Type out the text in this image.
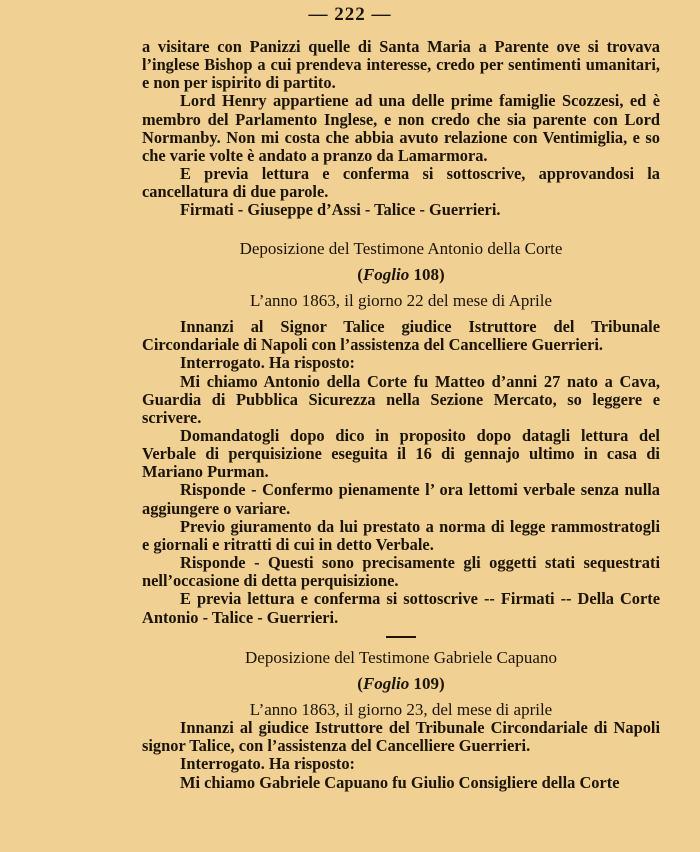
— 222 —

a visitare con Panizzi quelle di Santa Maria a Parente ove si trovava l’inglese Bishop a cui prendeva interesse, credo per sentimenti umanitari, e non per ispirito di partito.

Lord Henry appartiene ad una delle prime famiglie Scozzesi, ed è membro del Parlamento Inglese, e non credo che sia parente con Lord Normanby. Non mi costa che abbia avuto relazione con Ventimiglia, e so che varie volte è andato a pranzo da Lamarmora.

E previa lettura e conferma si sottoscrive, approvandosi la cancellatura di due parole.

Firmati - Giuseppe d’Assi - Talice - Guerrieri.

Deposizione del Testimone Antonio della Corte

(Foglio 108)

L’anno 1863, il giorno 22 del mese di Aprile

Innanzi al Signor Talice giudice Istruttore del Tribunale Circondariale di Napoli con l’assistenza del Cancelliere Guerrieri.

Interrogato. Ha risposto:

Mi chiamo Antonio della Corte fu Matteo d’anni 27 nato a Cava, Guardia di Pubblica Sicurezza nella Sezione Mercato, so leggere e scrivere.

Domandatogli dopo dico in proposito dopo datagli lettura del Verbale di perquisizione eseguita il 16 di gennajo ultimo in casa di Mariano Purman.

Risponde - Confermo pienamente l’ ora lettomi verbale senza nulla aggiungere o variare.

Previo giuramento da lui prestato a norma di legge rammostratogli e giornali e ritratti di cui in detto Verbale.

Risponde - Questi sono precisamente gli oggetti stati sequestrati nell’occasione di detta perquisizione.

E previa lettura e conferma si sottoscrive -- Firmati -- Della Corte Antonio - Talice - Guerrieri.

Deposizione del Testimone Gabriele Capuano

(Foglio 109)

L’anno 1863, il giorno 23, del mese di aprile

Innanzi al giudice Istruttore del Tribunale Circondariale di Napoli signor Talice, con l’assistenza del Cancelliere Guerrieri.

Interrogato. Ha risposto:

Mi chiamo Gabriele Capuano fu Giulio Consigliere della Corte
